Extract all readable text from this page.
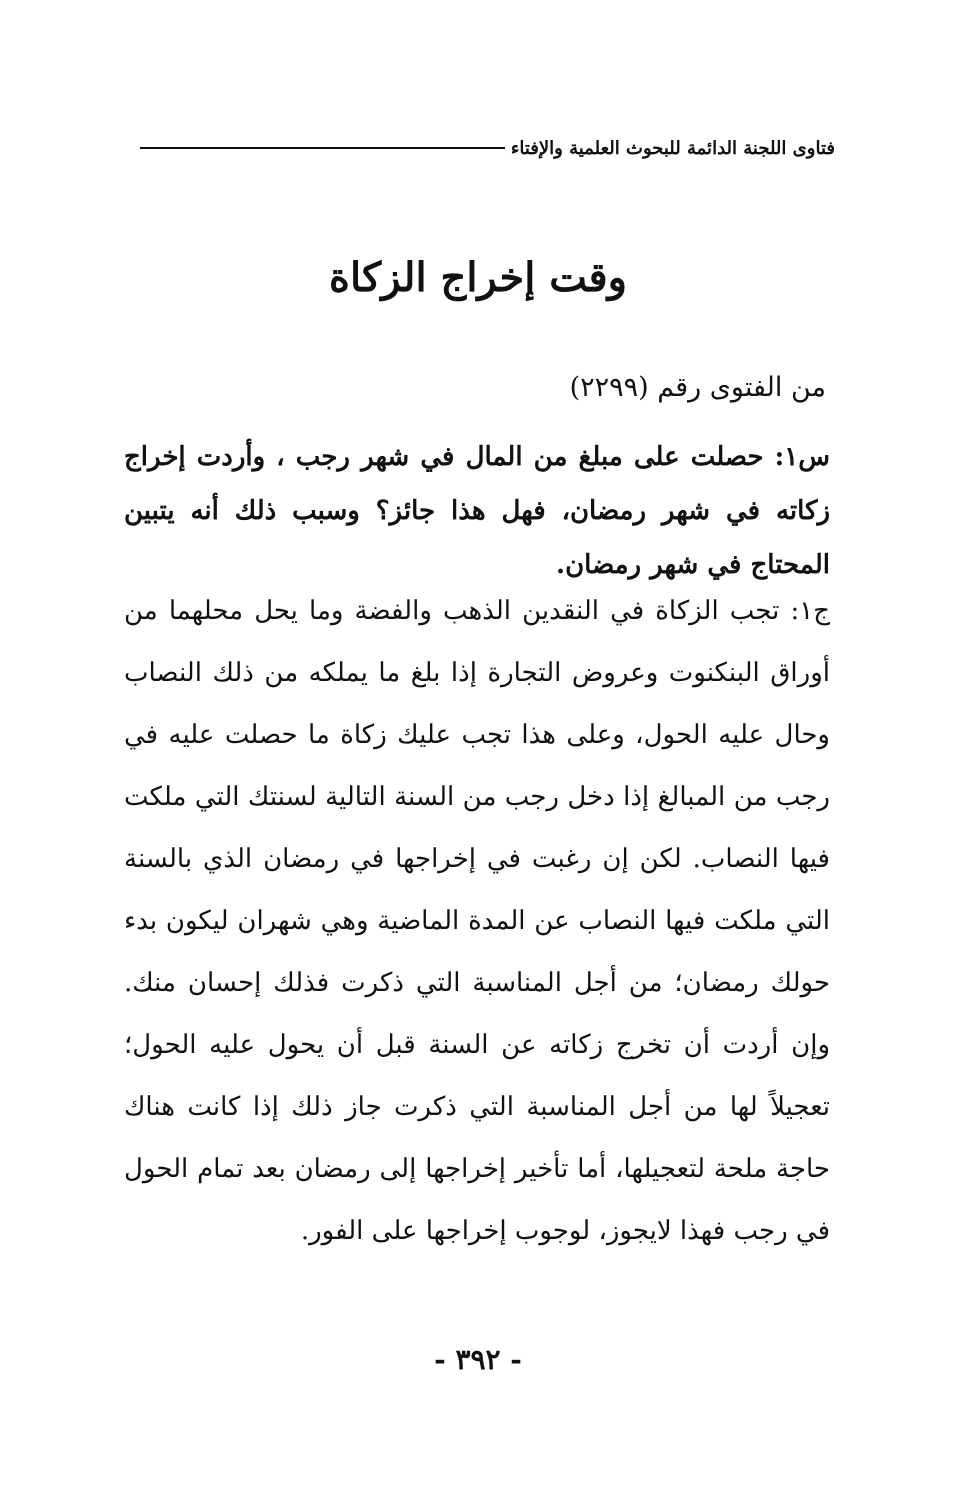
فتاوى اللجنة الدائمة للبحوث العلمية والإفتاء
وقت إخراج الزكاة
من الفتوى رقم (٢٢٩٩)

س١: حصلت على مبلغ من المال في شهر رجب ، وأردت إخراج زكاته في شهر رمضان، فهل هذا جائز؟ وسبب ذلك أنه يتبين المحتاج في شهر رمضان.

ج١: تجب الزكاة في النقدين الذهب والفضة وما يحل محلهما من أوراق البنكنوت وعروض التجارة إذا بلغ ما يملكه من ذلك النصاب وحال عليه الحول، وعلى هذا تجب عليك زكاة ما حصلت عليه في رجب من المبالغ إذا دخل رجب من السنة التالية لسنتك التي ملكت فيها النصاب. لكن إن رغبت في إخراجها في رمضان الذي بالسنة التي ملكت فيها النصاب عن المدة الماضية وهي شهران ليكون بدء حولك رمضان؛ من أجل المناسبة التي ذكرت فذلك إحسان منك. وإن أردت أن تخرج زكاته عن السنة قبل أن يحول عليه الحول؛ تعجيلاً لها من أجل المناسبة التي ذكرت جاز ذلك إذا كانت هناك حاجة ملحة لتعجيلها، أما تأخير إخراجها إلى رمضان بعد تمام الحول في رجب فهذا لايجوز، لوجوب إخراجها على الفور.

- ٣٩٢ -
